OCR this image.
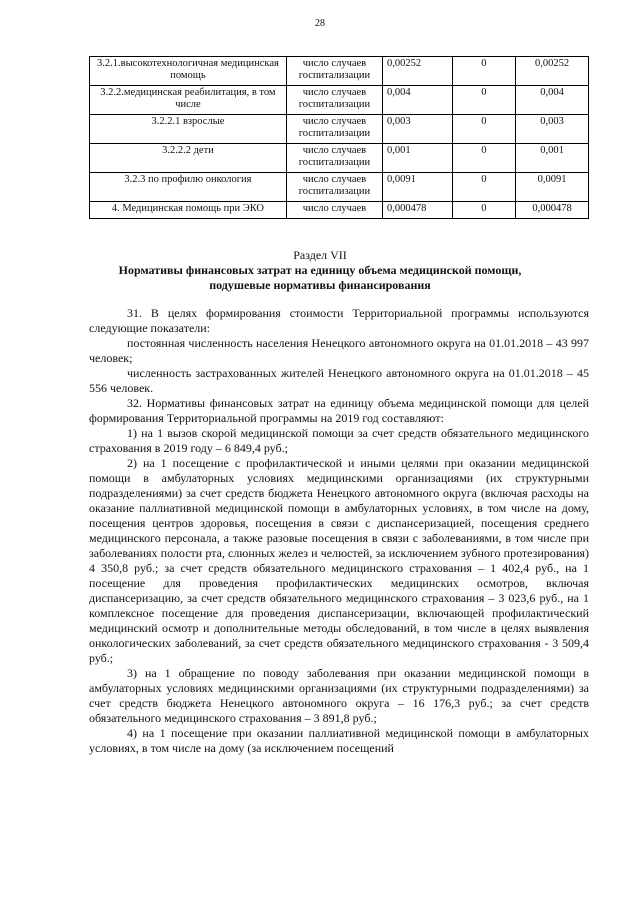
28
3.2.1.высокотехнологичная медицинская помощь	число случаев госпитализации	0,00252	0	0,00252
3.2.2.медицинская реабилитация, в том числе	число случаев госпитализации	0,004	0	0,004
3.2.2.1 взрослые	число случаев госпитализации	0,003	0	0,003
3.2.2.2 дети	число случаев госпитализации	0,001	0	0,001
3.2.3 по профилю онкология	число случаев госпитализации	0,0091	0	0,0091
4. Медицинская помощь при ЭКО	число случаев	0,000478	0	0,000478
Раздел VII
Нормативы финансовых затрат на единицу объема медицинской помощи, подушевые нормативы финансирования

31. В целях формирования стоимости Территориальной программы используются следующие показатели:

постоянная численность населения Ненецкого автономного округа на 01.01.2018 – 43 997 человек;

численность застрахованных жителей Ненецкого автономного округа на 01.01.2018 – 45 556 человек.

32. Нормативы финансовых затрат на единицу объема медицинской помощи для целей формирования Территориальной программы на 2019 год составляют:

1) на 1 вызов скорой медицинской помощи за счет средств обязательного медицинского страхования в 2019 году – 6 849,4 руб.;

2) на 1 посещение с профилактической и иными целями при оказании медицинской помощи в амбулаторных условиях медицинскими организациями (их структурными подразделениями) за счет средств бюджета Ненецкого автономного округа (включая расходы на оказание паллиативной медицинской помощи в амбулаторных условиях, в том числе на дому, посещения центров здоровья, посещения в связи с диспансеризацией, посещения среднего медицинского персонала, а также разовые посещения в связи с заболеваниями, в том числе при заболеваниях полости рта, слюнных желез и челюстей, за исключением зубного протезирования) 4 350,8 руб.; за счет средств обязательного медицинского страхования – 1 402,4 руб., на 1 посещение для проведения профилактических медицинских осмотров, включая диспансеризацию, за счет средств обязательного медицинского страхования – 3 023,6 руб., на 1 комплексное посещение для проведения диспансеризации, включающей профилактический медицинский осмотр и дополнительные методы обследований, в том числе в целях выявления онкологических заболеваний, за счет средств обязательного медицинского страхования - 3 509,4 руб.;

3) на 1 обращение по поводу заболевания при оказании медицинской помощи в амбулаторных условиях медицинскими организациями (их структурными подразделениями) за счет средств бюджета Ненецкого автономного округа – 16 176,3 руб.; за счет средств обязательного медицинского страхования – 3 891,8 руб.;

4) на 1 посещение при оказании паллиативной медицинской помощи в амбулаторных условиях, в том числе на дому (за исключением посещений
